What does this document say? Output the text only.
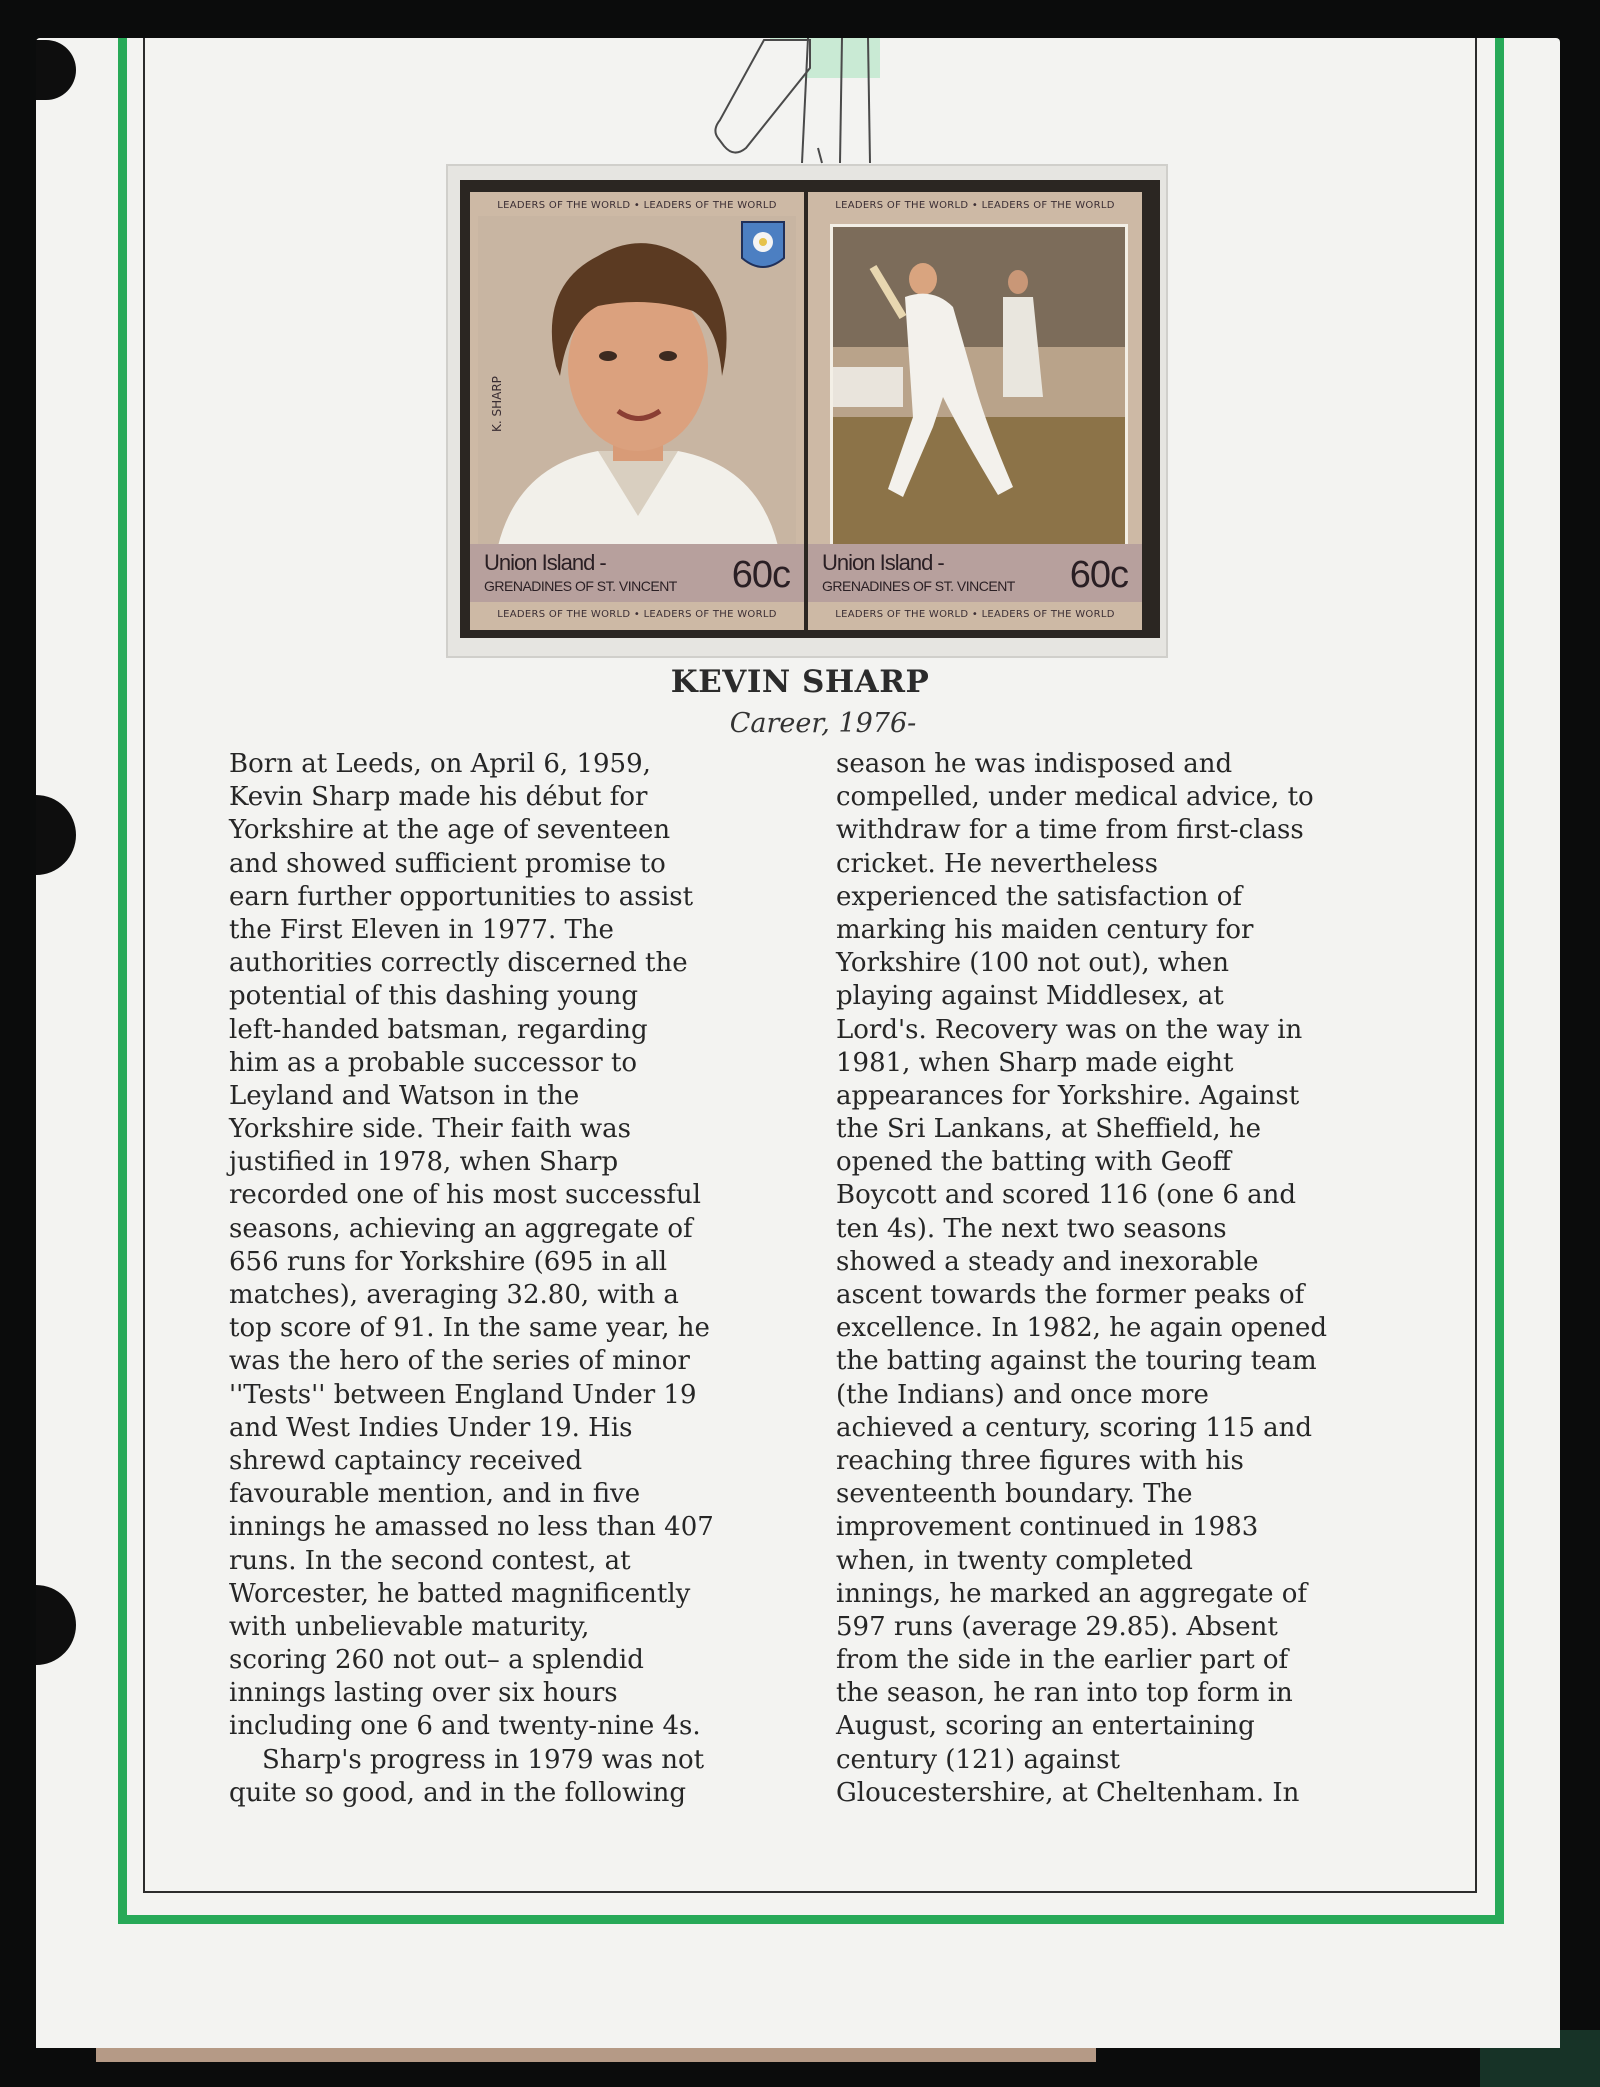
LEADERS OF THE WORLD • LEADERS OF THE WORLD
K. SHARP
Union Island -
GRENADINES OF ST. VINCENT 60c
LEADERS OF THE WORLD • LEADERS OF THE WORLD
LEADERS OF THE WORLD • LEADERS OF THE WORLD
Union Island -
GRENADINES OF ST. VINCENT 60c
LEADERS OF THE WORLD • LEADERS OF THE WORLD
KEVIN SHARP
Career, 1976-
Born at Leeds, on April 6, 1959,
Kevin Sharp made his début for
Yorkshire at the age of seventeen
and showed sufficient promise to
earn further opportunities to assist
the First Eleven in 1977. The
authorities correctly discerned the
potential of this dashing young
left-handed batsman, regarding
him as a probable successor to
Leyland and Watson in the
Yorkshire side. Their faith was
justified in 1978, when Sharp
recorded one of his most successful
seasons, achieving an aggregate of
656 runs for Yorkshire (695 in all
matches), averaging 32.80, with a
top score of 91. In the same year, he
was the hero of the series of minor
''Tests'' between England Under 19
and West Indies Under 19. His
shrewd captaincy received
favourable mention, and in five
innings he amassed no less than 407
runs. In the second contest, at
Worcester, he batted magnificently
with unbelievable maturity,
scoring 260 not out– a splendid
innings lasting over six hours
including one 6 and twenty-nine 4s.
Sharp's progress in 1979 was not
quite so good, and in the following
season he was indisposed and
compelled, under medical advice, to
withdraw for a time from first-class
cricket. He nevertheless
experienced the satisfaction of
marking his maiden century for
Yorkshire (100 not out), when
playing against Middlesex, at
Lord's. Recovery was on the way in
1981, when Sharp made eight
appearances for Yorkshire. Against
the Sri Lankans, at Sheffield, he
opened the batting with Geoff
Boycott and scored 116 (one 6 and
ten 4s). The next two seasons
showed a steady and inexorable
ascent towards the former peaks of
excellence. In 1982, he again opened
the batting against the touring team
(the Indians) and once more
achieved a century, scoring 115 and
reaching three figures with his
seventeenth boundary. The
improvement continued in 1983
when, in twenty completed
innings, he marked an aggregate of
597 runs (average 29.85). Absent
from the side in the earlier part of
the season, he ran into top form in
August, scoring an entertaining
century (121) against
Gloucestershire, at Cheltenham. In
